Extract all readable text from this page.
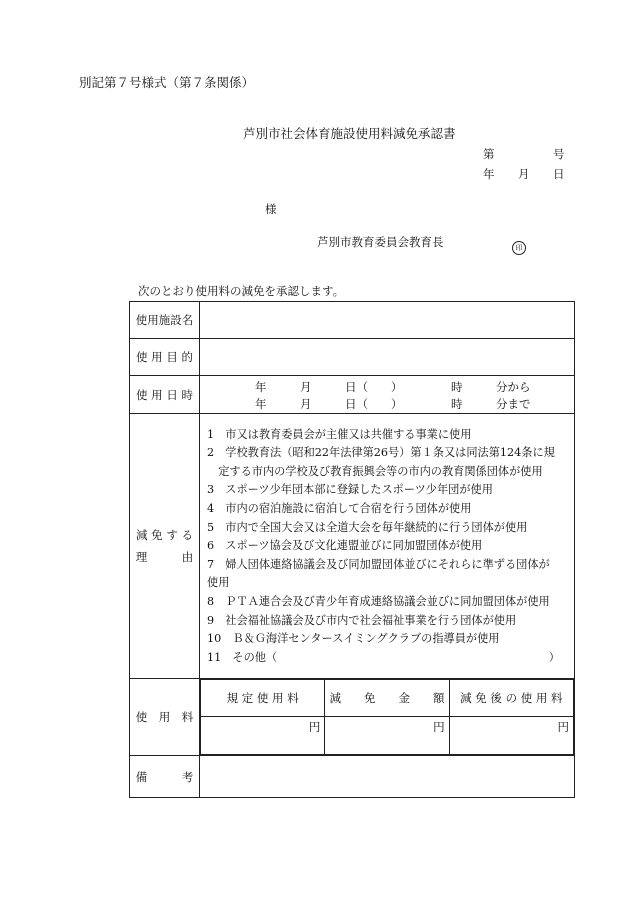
別記第７号様式（第７条関係）
芦別市社会体育施設使用料減免承認書
第	号
年 月 日
様
芦別市教育委員会教育長	印
次のとおり使用料の減免を承認します。
使用施設名	
使 用 目 的	
使 用 日 時	
年	月	日（　　）	時	分から
年	月	日（　　）	時	分まで

減 免 す る
理　　　由

1　市又は教育委員会が主催又は共催する事業に使用
2　学校教育法（昭和22年法律第26号）第１条又は同法第124条に規
　定する市内の学校及び教育振興会等の市内の教育関係団体が使用
3　スポーツ少年団本部に登録したスポーツ少年団が使用
4　市内の宿泊施設に宿泊して合宿を行う団体が使用
5　市内で全国大会又は全道大会を毎年継続的に行う団体が使用
6　スポーツ協会及び文化連盟並びに同加盟団体が使用
7　婦人団体連絡協議会及び同加盟団体並びにそれらに準ずる団体が
使用
8　ＰＴＡ連合会及び青少年育成連絡協議会並びに同加盟団体が使用
9　社会福祉協議会及び市内で社会福祉事業を行う団体が使用
10　Ｂ＆Ｇ海洋センタースイミングクラブの指導員が使用
11　その他（	）

使　用　料	
規 定 使 用 料	減　　免　　金　　額	減 免 後 の 使 用 料
円	円	円

備　　　考	
